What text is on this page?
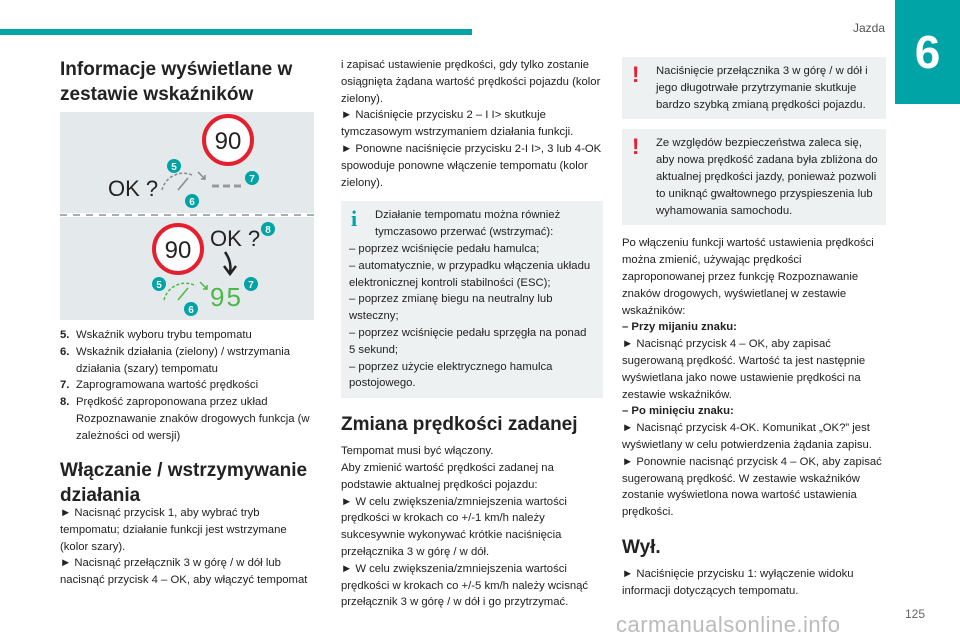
Jazda 6
Informacje wyświetlane w zestawie wskaźników
90
OK ?
5
6
7
90 OK ?
95
5
6
7
8
5. Wskaźnik wyboru trybu tempomatu
6. Wskaźnik działania (zielony) / wstrzymania działania (szary) tempomatu
7. Zaprogramowana wartość prędkości
8. Prędkość zaproponowana przez układ Rozpoznawanie znaków drogowych funkcja (w zależności od wersji)
Włączanie / wstrzymywanie działania

► Nacisnąć przycisk 1, aby wybrać tryb tempomatu; działanie funkcji jest wstrzymane (kolor szary).

► Nacisnąć przełącznik 3 w górę / w dół lub nacisnąć przycisk 4 – OK, aby włączyć tempomat

i zapisać ustawienie prędkości, gdy tylko zostanie osiągnięta żądana wartość prędkości pojazdu (kolor zielony).

► Naciśnięcie przycisku 2 – I I> skutkuje tymczasowym wstrzymaniem działania funkcji.

► Ponowne naciśnięcie przycisku 2-I I>, 3 lub 4-OK spowoduje ponowne włączenie tempomatu (kolor zielony).

i	Działanie tempomatu można również tymczasowo przerwać (wstrzymać):

– poprzez wciśnięcie pedału hamulca;

– automatycznie, w przypadku włączenia układu elektronicznej kontroli stabilności (ESC);

– poprzez zmianę biegu na neutralny lub wsteczny;

– poprzez wciśnięcie pedału sprzęgła na ponad 5 sekund;

– poprzez użycie elektrycznego hamulca postojowego.

Zmiana prędkości zadanej

Tempomat musi być włączony.

Aby zmienić wartość prędkości zadanej na podstawie aktualnej prędkości pojazdu:

► W celu zwiększenia/zmniejszenia wartości prędkości w krokach co +/-1 km/h należy sukcesywnie wykonywać krótkie naciśnięcia przełącznika 3 w górę / w dół.

► W celu zwiększenia/zmniejszenia wartości prędkości w krokach co +/-5 km/h należy wcisnąć przełącznik 3 w górę / w dół i go przytrzymać.

!	Naciśnięcie przełącznika 3 w górę / w dół i jego długotrwałe przytrzymanie skutkuje bardzo szybką zmianą prędkości pojazdu.

!	Ze względów bezpieczeństwa zaleca się, aby nowa prędkość zadana była zbliżona do aktualnej prędkości jazdy, ponieważ pozwoli to uniknąć gwałtownego przyspieszenia lub wyhamowania samochodu.

Po włączeniu funkcji wartość ustawienia prędkości można zmienić, używając prędkości zaproponowanej przez funkcję Rozpoznawanie znaków drogowych, wyświetlanej w zestawie wskaźników:

– Przy mijaniu znaku:

► Nacisnąć przycisk 4 – OK, aby zapisać sugerowaną prędkość. Wartość ta jest następnie wyświetlana jako nowe ustawienie prędkości na zestawie wskaźników.

– Po minięciu znaku:

► Nacisnąć przycisk 4-OK. Komunikat „OK?” jest wyświetlany w celu potwierdzenia żądania zapisu.

► Ponownie nacisnąć przycisk 4 – OK, aby zapisać sugerowaną prędkość. W zestawie wskaźników zostanie wyświetlona nowa wartość ustawienia prędkości.

Wył.

► Naciśnięcie przycisku 1: wyłączenie widoku informacji dotyczących tempomatu.

carmanualsonline.info	125
